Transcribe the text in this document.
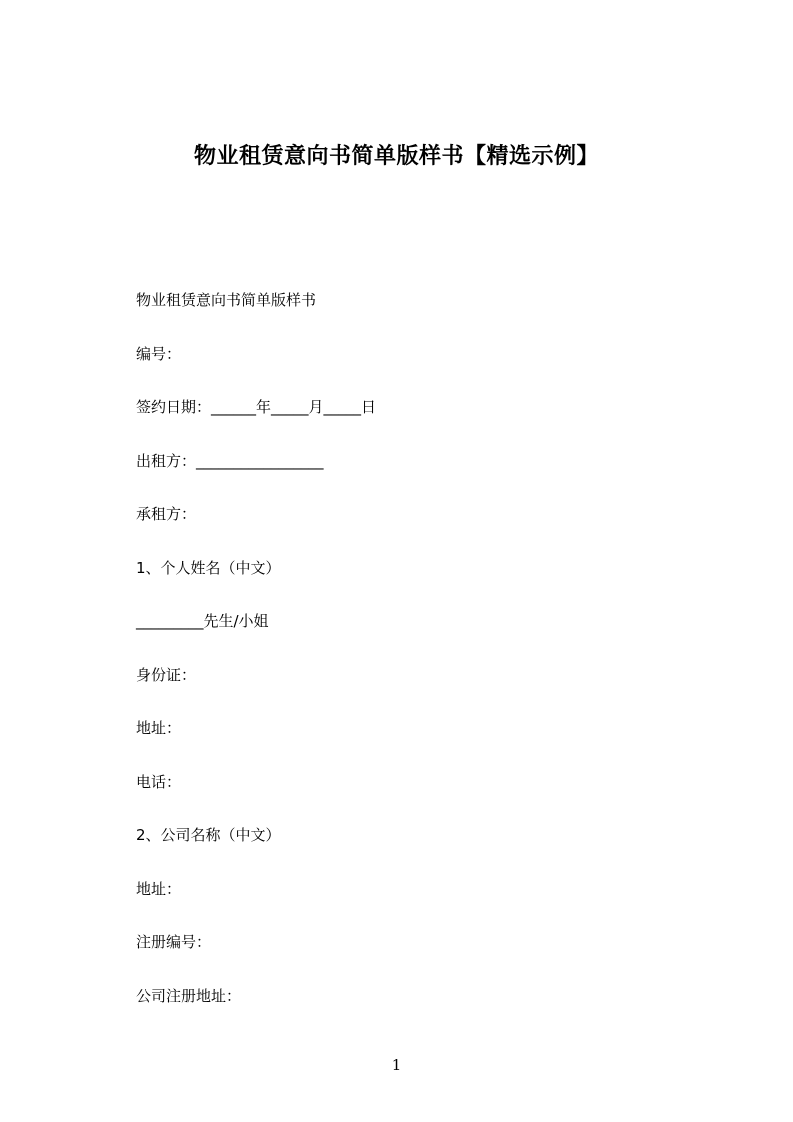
物业租赁意向书简单版样书【精选示例】
物业租赁意向书简单版样书
编号：
签约日期：______年_____月_____日
出租方：_________________
承租方：
1、个人姓名（中文）
_________先生/小姐
身份证：
地址：
电话：
2、公司名称（中文）
地址：
注册编号：
公司注册地址：
1
